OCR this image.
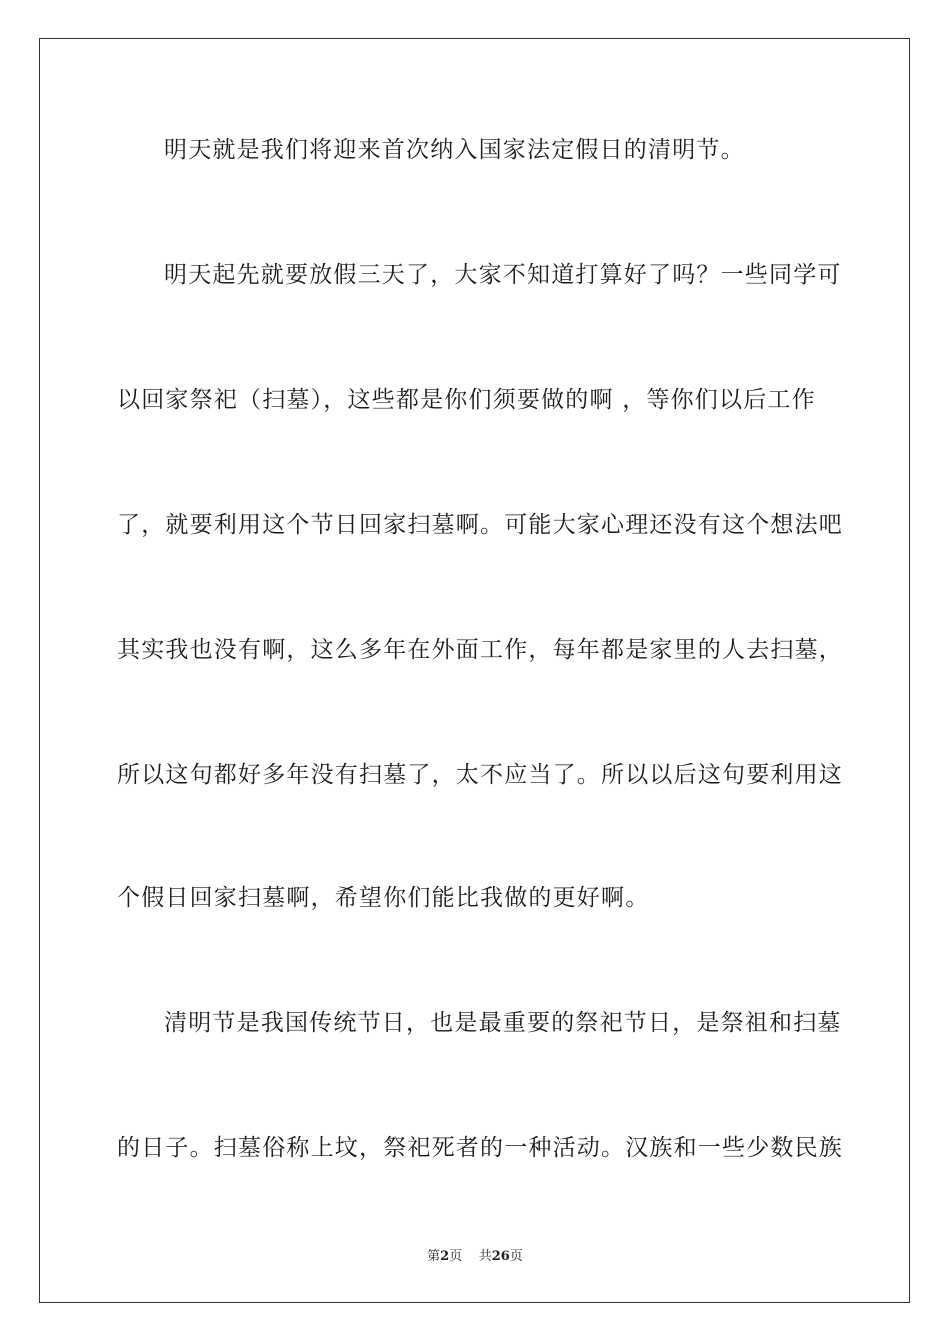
明天就是我们将迎来首次纳入国家法定假日的清明节。
明天起先就要放假三天了，大家不知道打算好了吗？一些同学可
以回家祭祀（扫墓），这些都是你们须要做的啊 ，等你们以后工作
了，就要利用这个节日回家扫墓啊。可能大家心理还没有这个想法吧
其实我也没有啊，这么多年在外面工作，每年都是家里的人去扫墓，
所以这句都好多年没有扫墓了，太不应当了。所以以后这句要利用这
个假日回家扫墓啊，希望你们能比我做的更好啊。
清明节是我国传统节日，也是最重要的祭祀节日，是祭祖和扫墓
的日子。扫墓俗称上坟，祭祀死者的一种活动。汉族和一些少数民族
第2页 共26页
